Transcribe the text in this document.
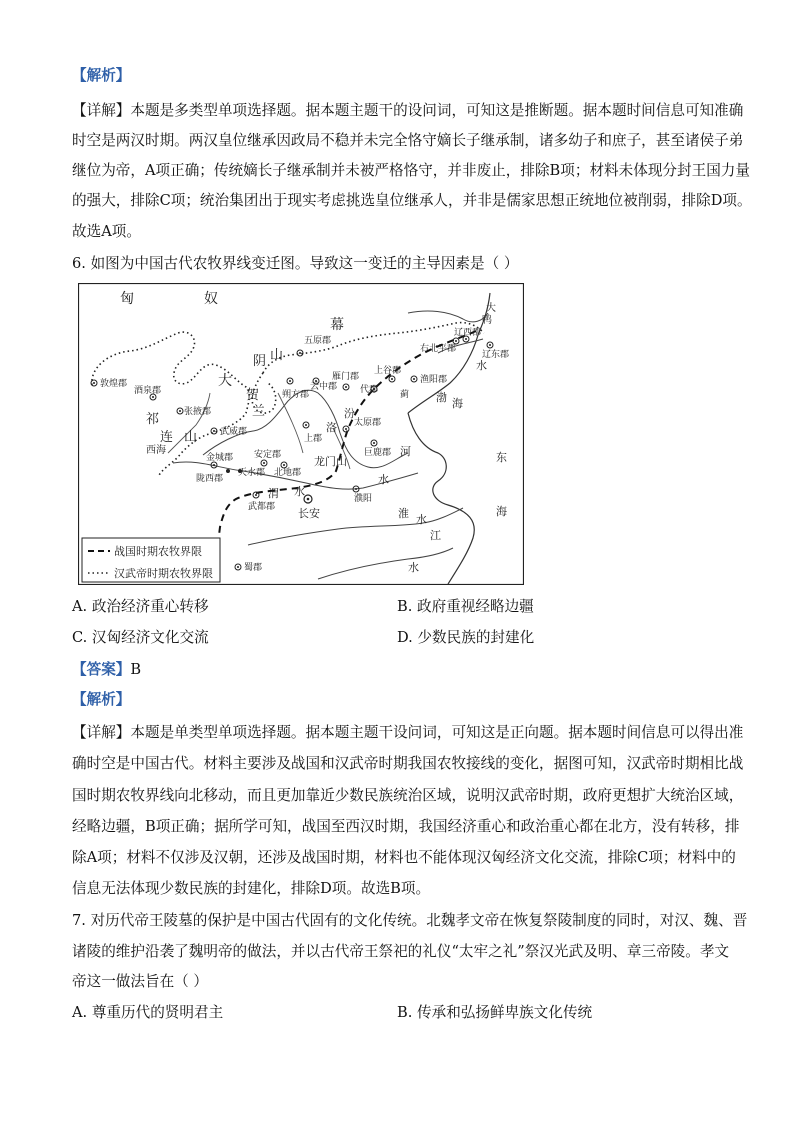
【解析】
【详解】本题是多类型单项选择题。据本题主题干的设问词，可知这是推断题。据本题时间信息可知准确
时空是两汉时期。两汉皇位继承因政局不稳并未完全恪守嫡长子继承制，诸多幼子和庶子，甚至诸侯子弟
继位为帝，A项正确；传统嫡长子继承制并未被严格恪守，并非废止，排除B项；材料未体现分封王国力量
的强大，排除C项；统治集团出于现实考虑挑选皇位继承人，并非是儒家思想正统地位被削弱，排除D项。
故选A项。
6. 如图为中国古代农牧界线变迁图。导致这一变迁的主导因素是（ ）
战国时期农牧界限
汉武帝时期农牧界限
匈	奴
幕
阴 山
大
贺
兰
祁
连 山
西海
洛
汾
渭 水
龙门山
渤 海
东
海
河
淮
江
水
水
水
水
鸭
大
敦煌郡
酒泉郡
张掖郡
武威郡
金城郡
陇西郡
天水郡
安定郡
北地郡
上郡
五原郡
朔方郡
云中郡
雁门郡
代郡
太原郡
上谷郡
渔阳郡
右北平郡
辽西郡
辽东郡
巨鹿郡
濮阳
长安
武都郡
蜀郡
蓟
A. 政治经济重心转移	B. 政府重视经略边疆
C. 汉匈经济文化交流	D. 少数民族的封建化
【答案】B
【解析】
【详解】本题是单类型单项选择题。据本题主题干设问词，可知这是正向题。据本题时间信息可以得出准
确时空是中国古代。材料主要涉及战国和汉武帝时期我国农牧接线的变化，据图可知，汉武帝时期相比战
国时期农牧界线向北移动，而且更加靠近少数民族统治区域，说明汉武帝时期，政府更想扩大统治区域，
经略边疆，B项正确；据所学可知，战国至西汉时期，我国经济重心和政治重心都在北方，没有转移，排
除A项；材料不仅涉及汉朝，还涉及战国时期，材料也不能体现汉匈经济文化交流，排除C项；材料中的
信息无法体现少数民族的封建化，排除D项。故选B项。
7. 对历代帝王陵墓的保护是中国古代固有的文化传统。北魏孝文帝在恢复祭陵制度的同时，对汉、魏、晋
诸陵的维护沿袭了魏明帝的做法，并以古代帝王祭祀的礼仪“太牢之礼”祭汉光武及明、章三帝陵。孝文
帝这一做法旨在（ ）
A. 尊重历代的贤明君主	B. 传承和弘扬鲜卑族文化传统
